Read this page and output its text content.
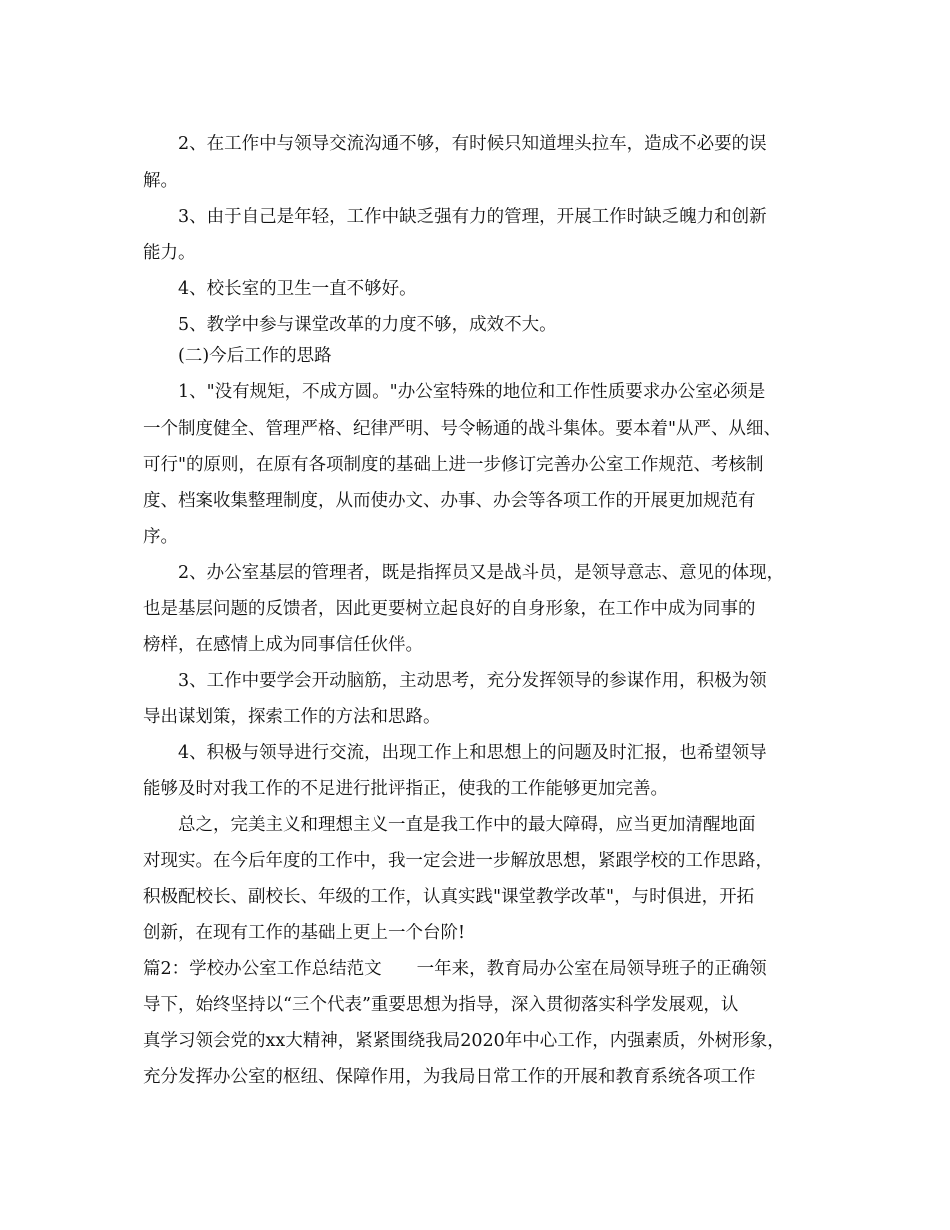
2、在工作中与领导交流沟通不够，有时候只知道埋头拉车，造成不必要的误
解。
3、由于自己是年轻，工作中缺乏强有力的管理，开展工作时缺乏魄力和创新
能力。
4、校长室的卫生一直不够好。
5、教学中参与课堂改革的力度不够，成效不大。
(二)今后工作的思路
1、"没有规矩，不成方圆。"办公室特殊的地位和工作性质要求办公室必须是
一个制度健全、管理严格、纪律严明、号令畅通的战斗集体。要本着"从严、从细、
可行"的原则，在原有各项制度的基础上进一步修订完善办公室工作规范、考核制
度、档案收集整理制度，从而使办文、办事、办会等各项工作的开展更加规范有
序。
2、办公室基层的管理者，既是指挥员又是战斗员，是领导意志、意见的体现，
也是基层问题的反馈者，因此更要树立起良好的自身形象，在工作中成为同事的
榜样，在感情上成为同事信任伙伴。
3、工作中要学会开动脑筋，主动思考，充分发挥领导的参谋作用，积极为领
导出谋划策，探索工作的方法和思路。
4、积极与领导进行交流，出现工作上和思想上的问题及时汇报，也希望领导
能够及时对我工作的不足进行批评指正，使我的工作能够更加完善。
总之，完美主义和理想主义一直是我工作中的最大障碍，应当更加清醒地面
对现实。在今后年度的工作中，我一定会进一步解放思想，紧跟学校的工作思路，
积极配校长、副校长、年级的工作，认真实践"课堂教学改革"，与时俱进，开拓
创新，在现有工作的基础上更上一个台阶!
篇2：学校办公室工作总结范文　　一年来，教育局办公室在局领导班子的正确领
导下，始终坚持以“三个代表”重要思想为指导，深入贯彻落实科学发展观，认
真学习领会党的xx大精神，紧紧围绕我局2020年中心工作，内强素质，外树形象，
充分发挥办公室的枢纽、保障作用，为我局日常工作的开展和教育系统各项工作
